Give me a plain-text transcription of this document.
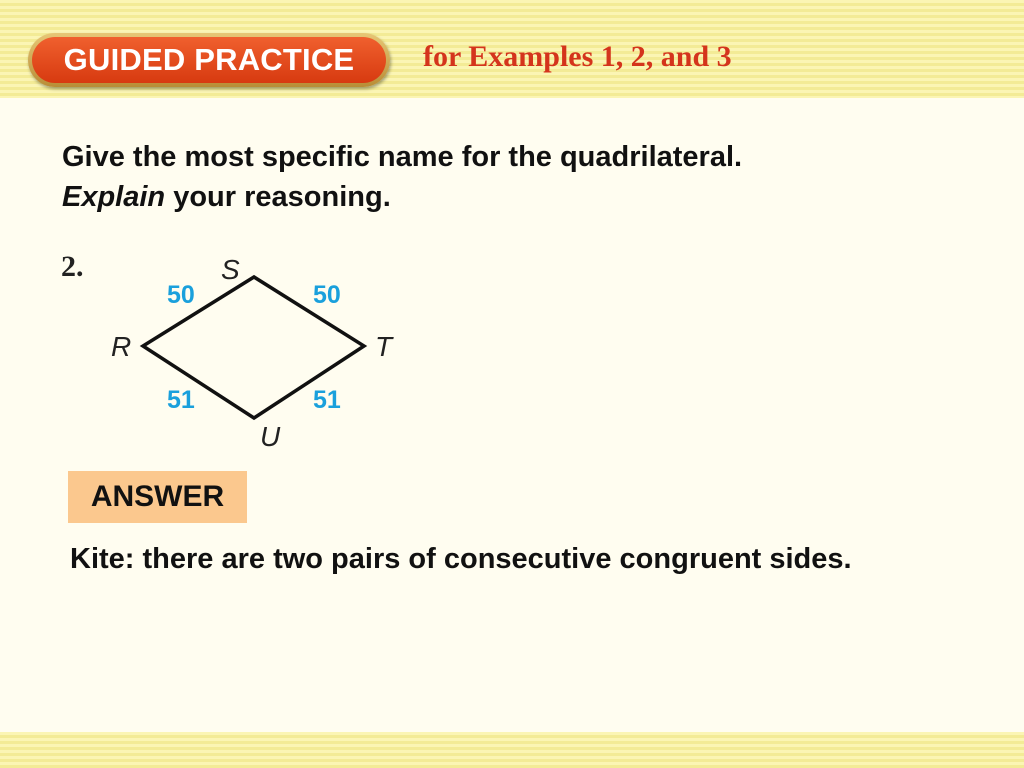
GUIDED PRACTICE	for Examples 1, 2, and 3
Give the most specific name for the quadrilateral.
Explain your reasoning.
2.	S
T
U
R
50	50
51	51
ANSWER
Kite: there are two pairs of consecutive congruent sides.
